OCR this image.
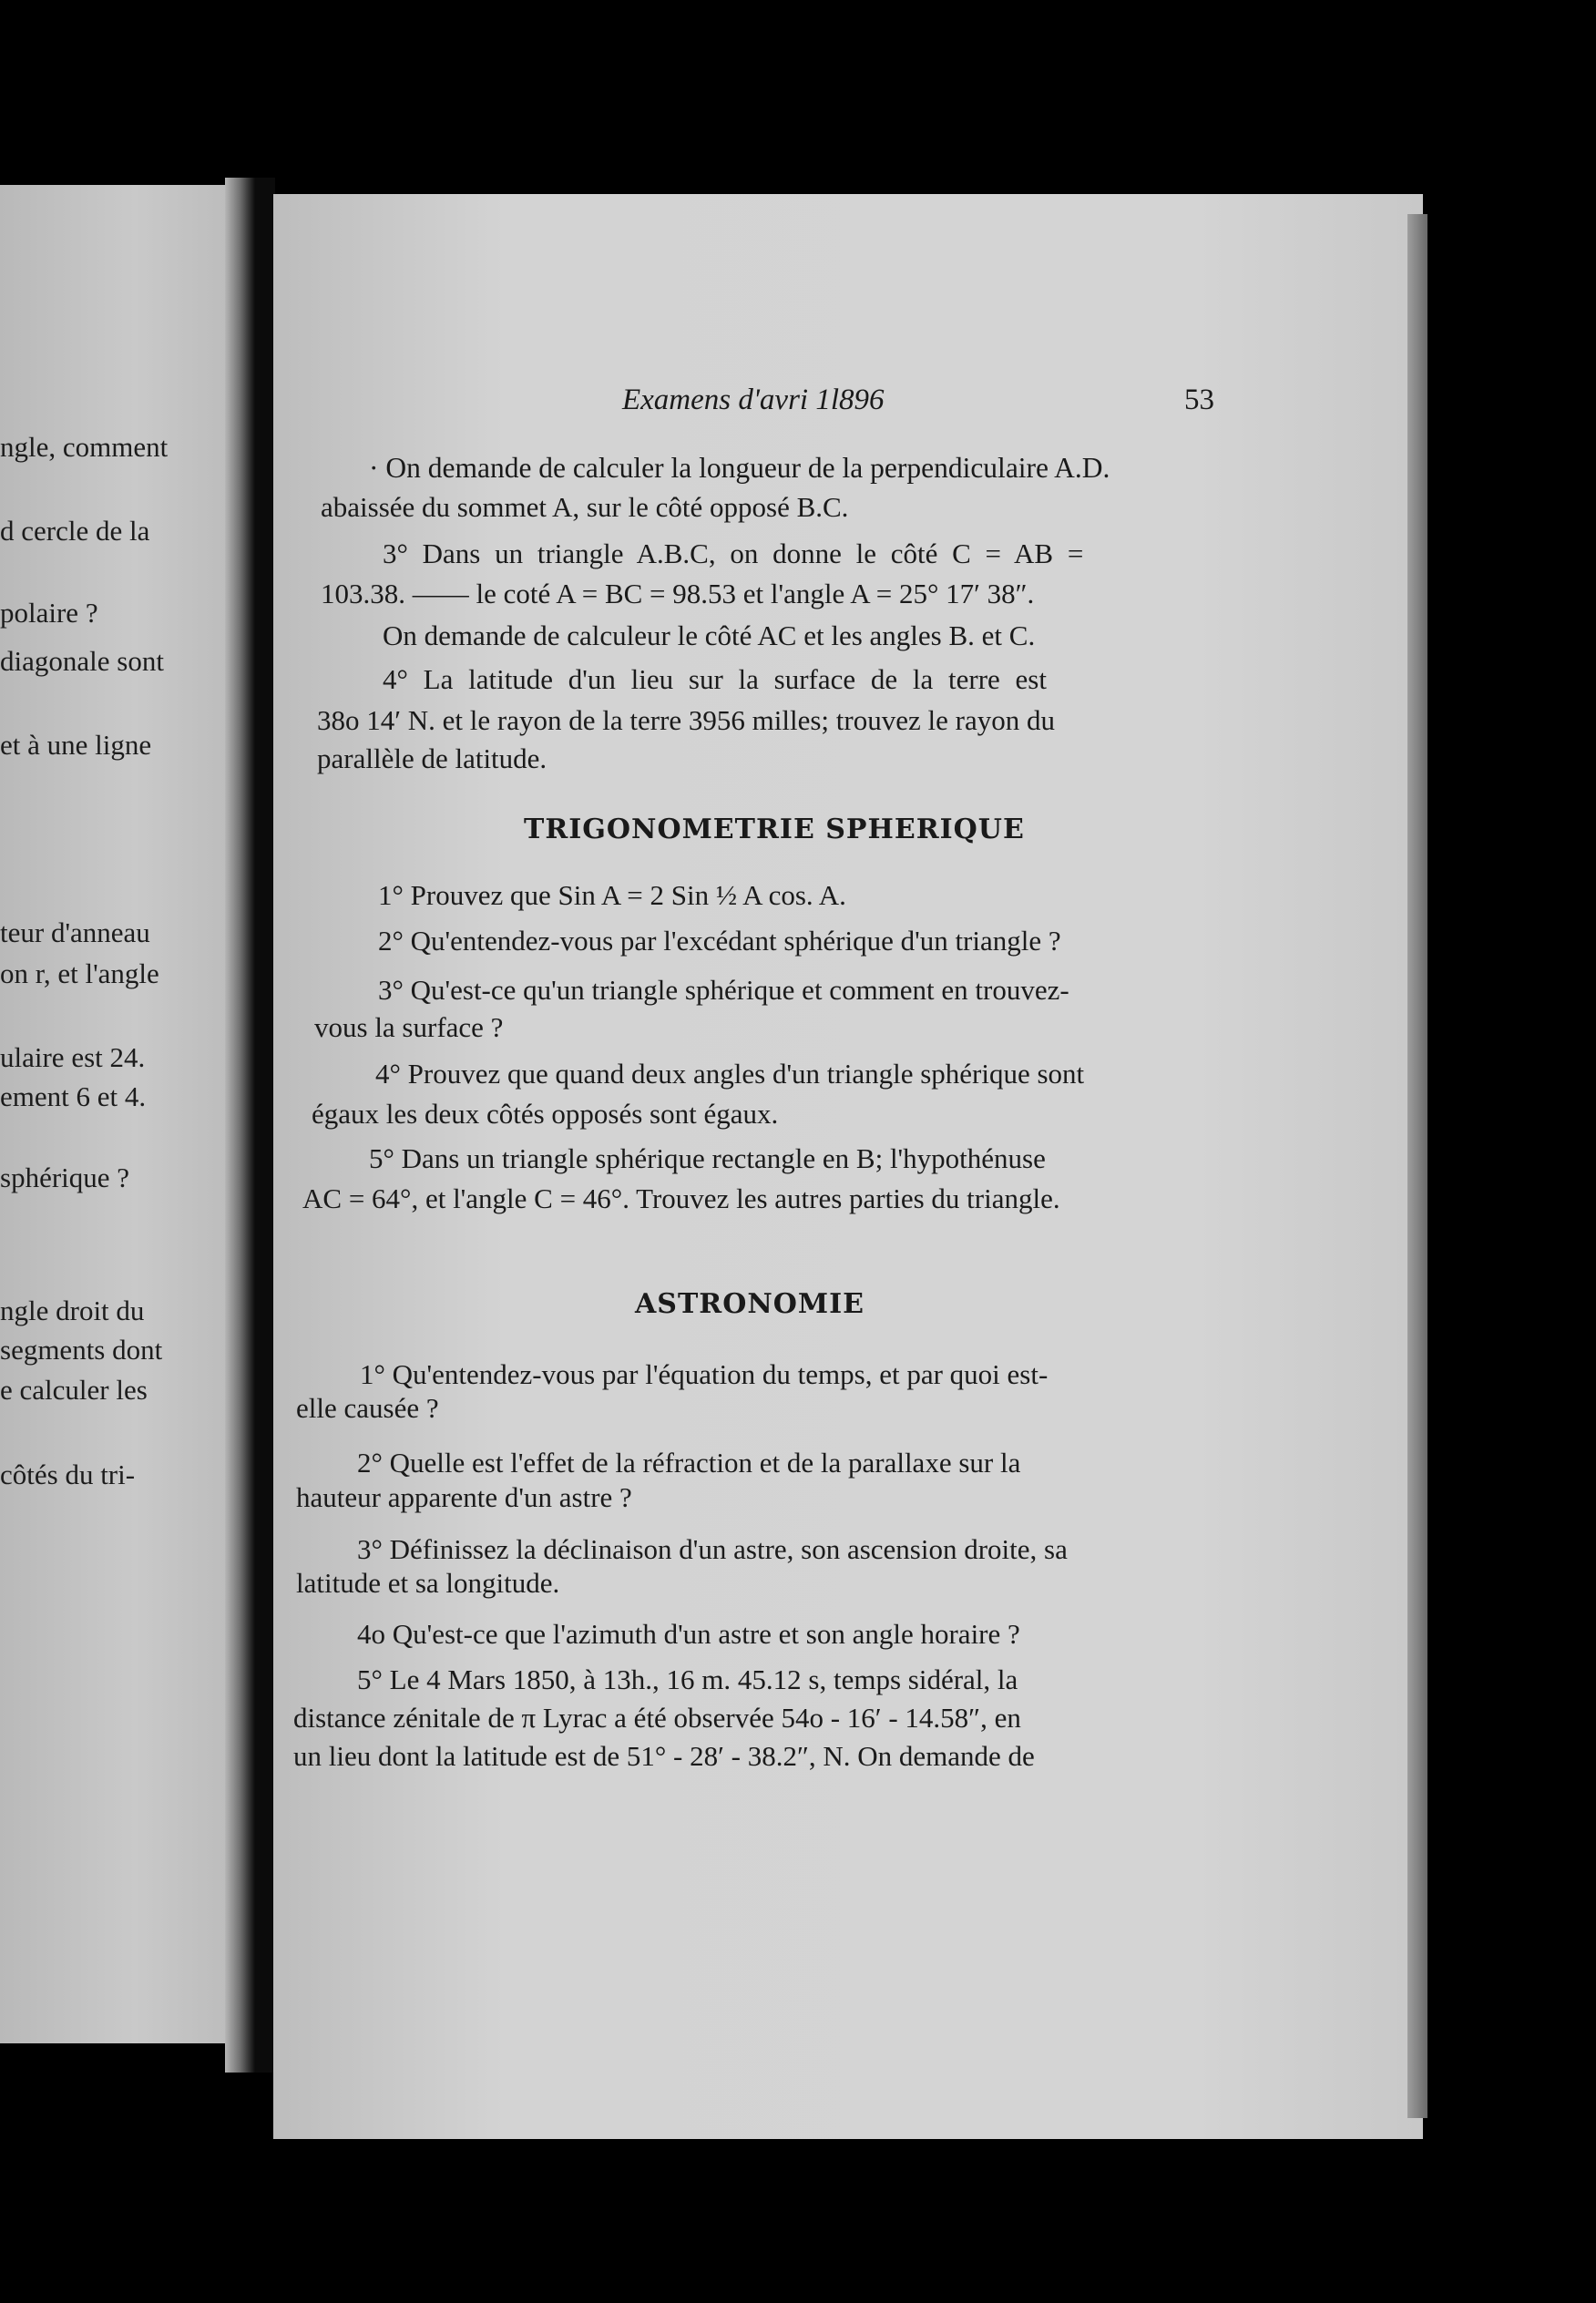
ngle, comment
d cercle de la
polaire ?
diagonale sont
et à une ligne
teur d'anneau
on r, et l'angle
ulaire est 24.
ement 6 et 4.
sphérique ?
ngle droit du
segments dont
e calculer les
côtés du tri-
Examens d'avri 1l896	53
· On demande de calculer la longueur de la perpendiculaire A.D.
abaissée du sommet A, sur le côté opposé B.C.
3° Dans un triangle A.B.C, on donne le côté C = AB =
103.38. —— le coté A = BC = 98.53 et l'angle A = 25° 17′ 38″.
On demande de calculeur le côté AC et les angles B. et C.
4° La latitude d'un lieu sur la surface de la terre est
38o 14′ N. et le rayon de la terre 3956 milles; trouvez le rayon du
parallèle de latitude.
TRIGONOMETRIE SPHERIQUE
1° Prouvez que Sin A = 2 Sin ½ A cos. A.
2° Qu'entendez-vous par l'excédant sphérique d'un triangle ?
3° Qu'est-ce qu'un triangle sphérique et comment en trouvez-
vous la surface ?
4° Prouvez que quand deux angles d'un triangle sphérique sont
égaux les deux côtés opposés sont égaux.
5° Dans un triangle sphérique rectangle en B; l'hypothénuse
AC = 64°, et l'angle C = 46°. Trouvez les autres parties du triangle.
ASTRONOMIE
1° Qu'entendez-vous par l'équation du temps, et par quoi est-
elle causée ?
2° Quelle est l'effet de la réfraction et de la parallaxe sur la
hauteur apparente d'un astre ?
3° Définissez la déclinaison d'un astre, son ascension droite, sa
latitude et sa longitude.
4o Qu'est-ce que l'azimuth d'un astre et son angle horaire ?
5° Le 4 Mars 1850, à 13h., 16 m. 45.12 s, temps sidéral, la
distance zénitale de π Lyrac a été observée 54o - 16′ - 14.58″, en
un lieu dont la latitude est de 51° - 28′ - 38.2″, N. On demande de
